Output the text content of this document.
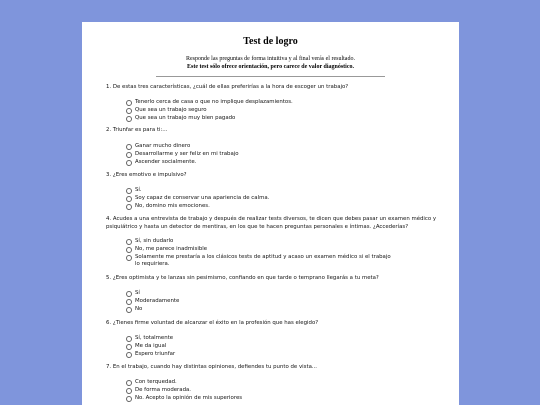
Test de logro
Responde las preguntas de forma intuitiva y al final verás el resultado.
Este test sólo ofrece orientación, pero carece de valor diagnóstico.
1. De estas tres características, ¿cuál de ellas preferirías a la hora de escoger un trabajo?
Tenerlo cerca de casa o que no implique desplazamientos.
Que sea un trabajo seguro
Que sea un trabajo muy bien pagado
2. Triunfar es para ti:...
Ganar mucho dinero
Desarrollarme y ser feliz en mi trabajo
Ascender socialmente.
3. ¿Eres emotivo e impulsivo?
Sí.
Soy capaz de conservar una apariencia de calma.
No, domino mis emociones.
4. Acudes a una entrevista de trabajo y después de realizar tests diversos, te dicen que debes pasar un examen médico y psiquiátrico y hasta un detector de mentiras, en los que te hacen preguntas personales e íntimas. ¿Accederías?
Sí, sin dudarlo
No, me parece inadmisible
Solamente me prestaría a los clásicos tests de aptitud y acaso un examen médico si el trabajo lo requiriera.
5. ¿Eres optimista y te lanzas sin pesimismo, confiando en que tarde o temprano llegarás a tu meta?
Sí
Moderadamente
No
6. ¿Tienes firme voluntad de alcanzar el éxito en la profesión que has elegido?
Sí, totalmente
Me da igual
Espero triunfar
7. En el trabajo, cuando hay distintas opiniones, defiendes tu punto de vista...
Con terquedad.
De forma moderada.
No. Acepto la opinión de mis superiores
